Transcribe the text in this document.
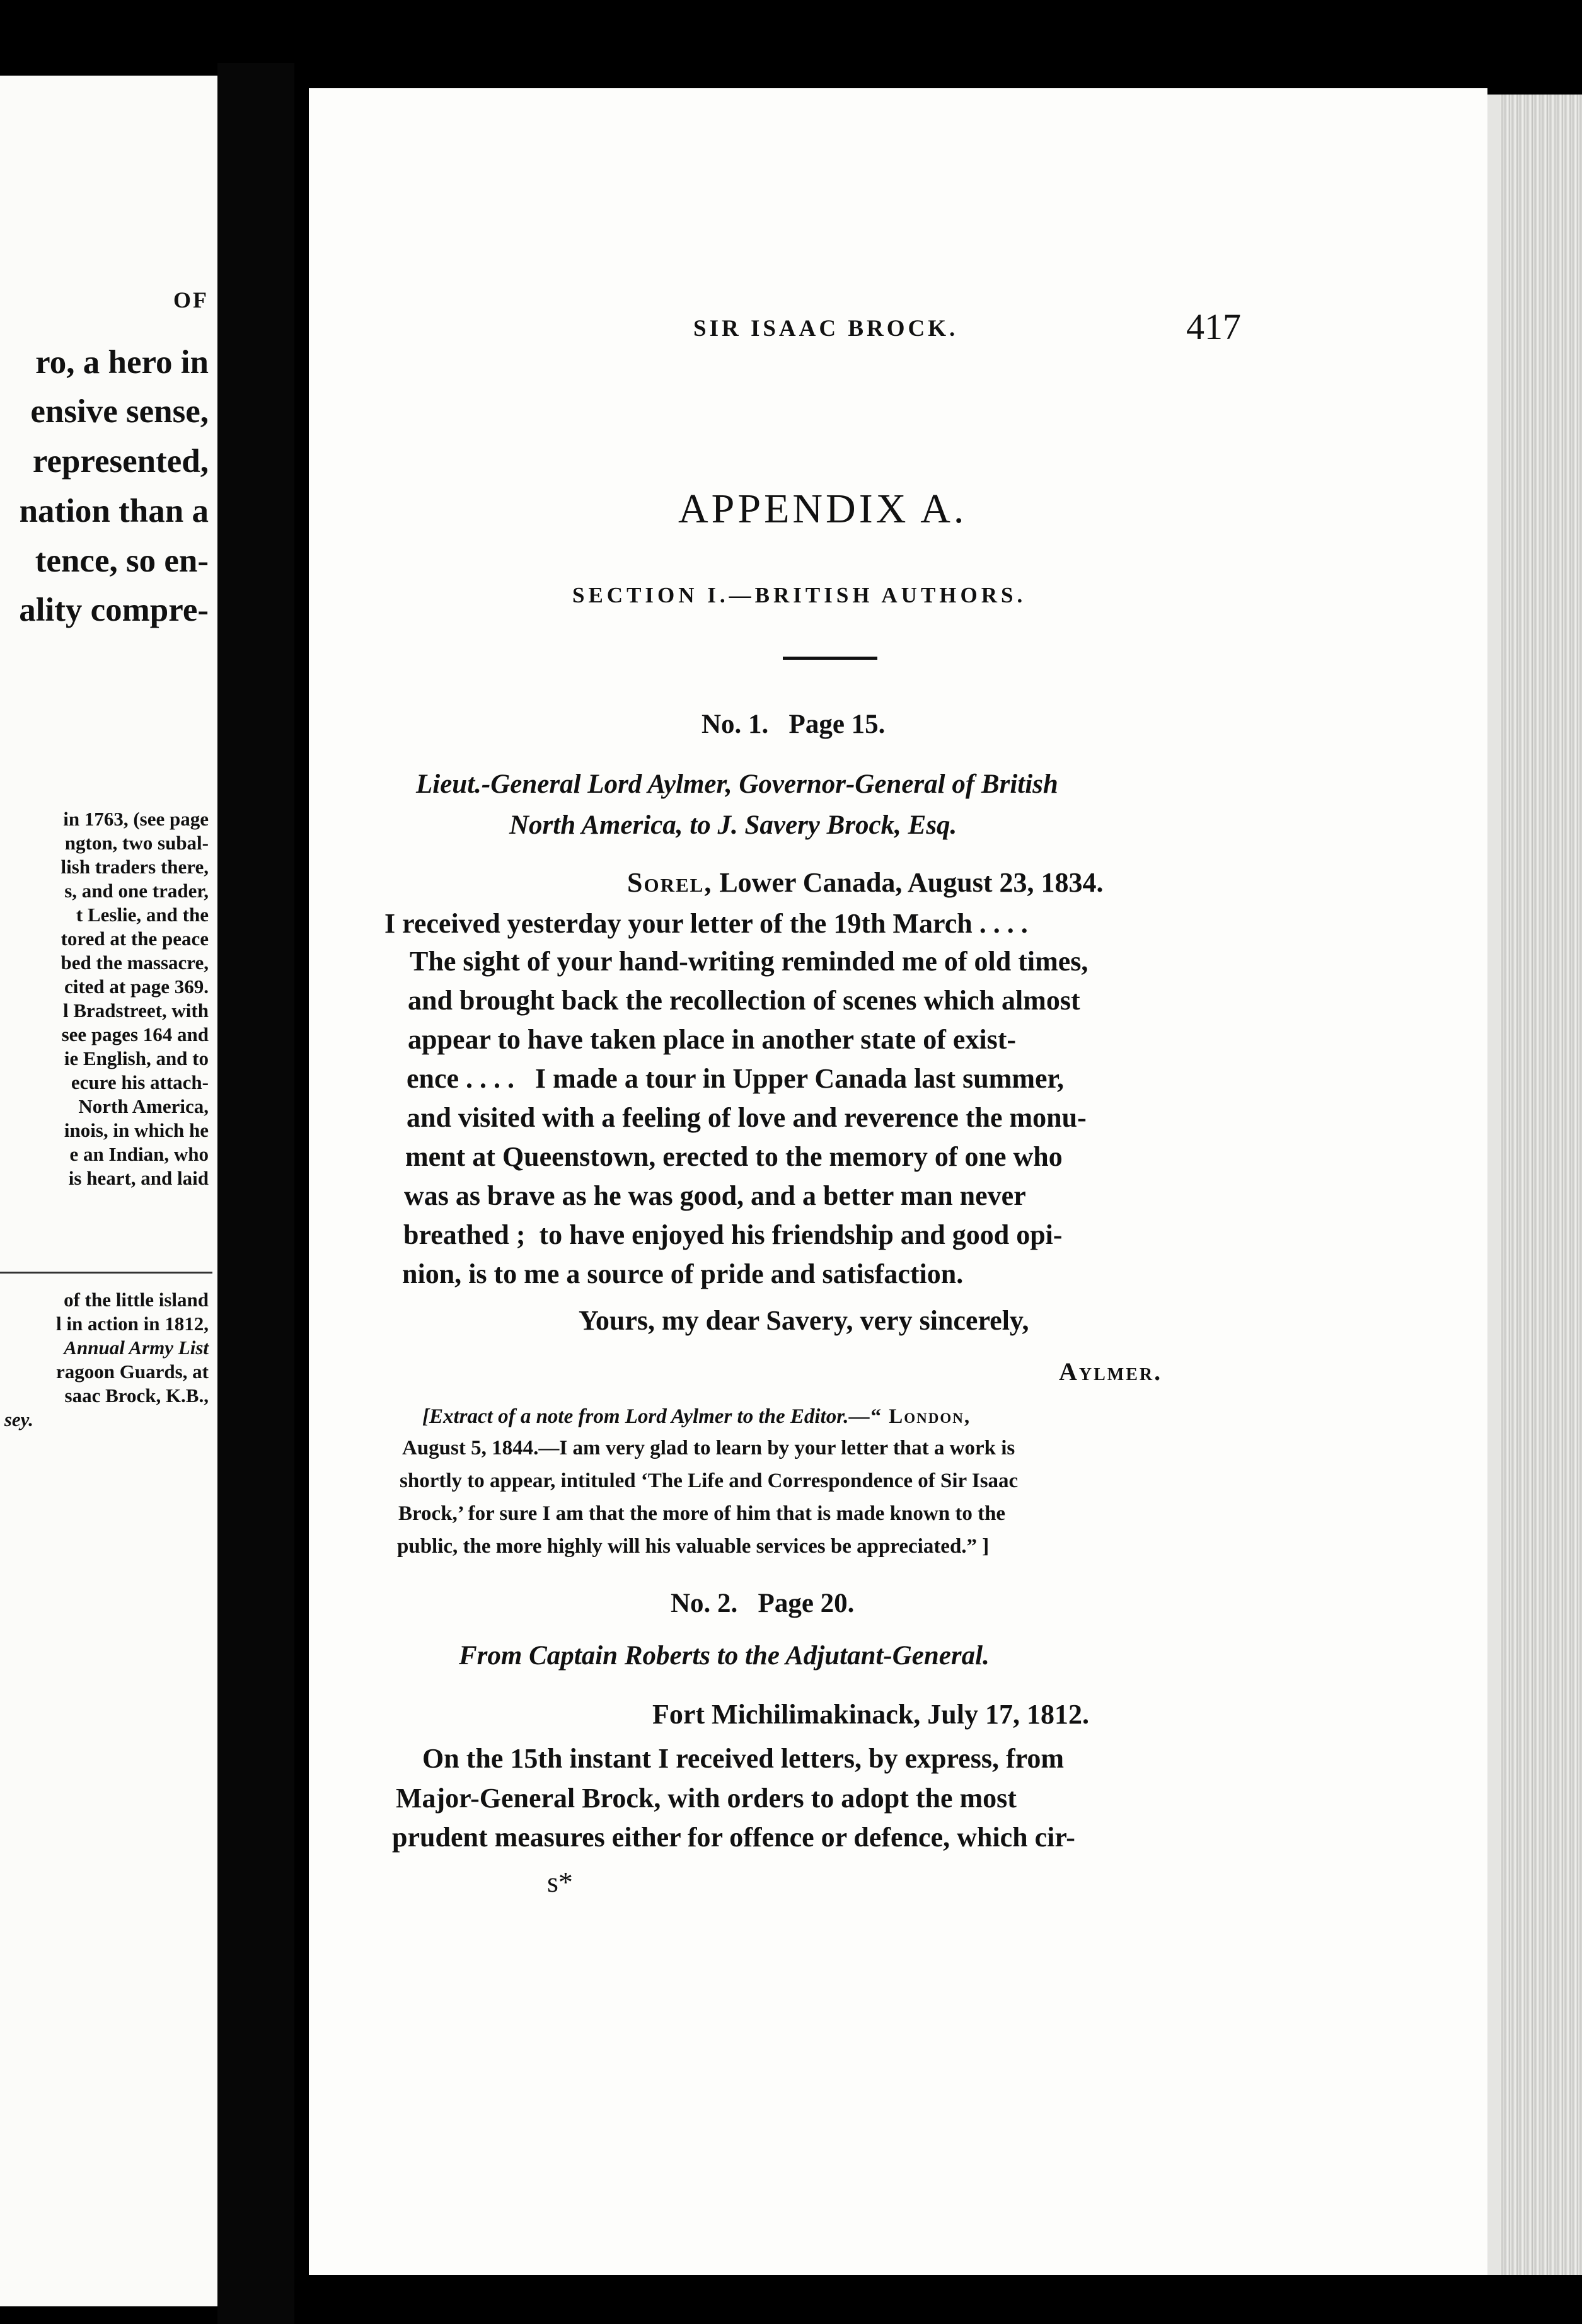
OF
ro, a hero in
ensive sense,
represented,
nation than a
tence, so en-
ality compre-
in 1763, (see page
ngton, two subal-
lish traders there,
s, and one trader,
t Leslie, and the
tored at the peace
bed the massacre,
cited at page 369.
l Bradstreet, with
see pages 164 and
ie English, and to
ecure his attach-
North America,
inois, in which he
e an Indian, who
is heart, and laid
of the little island
l in action in 1812,
Annual Army List
ragoon Guards, at
saac Brock, K.B.,
sey.
SIR ISAAC BROCK.	417
APPENDIX A.
SECTION I.—BRITISH AUTHORS.
No. 1.   Page 15.
Lieut.-General Lord Aylmer, Governor-General of British
North America, to J. Savery Brock, Esq.
Sorel, Lower Canada, August 23, 1834.
I received yesterday your letter of the 19th March . . . .
The sight of your hand-writing reminded me of old times,
and brought back the recollection of scenes which almost
appear to have taken place in another state of exist-
ence . . . .   I made a tour in Upper Canada last summer,
and visited with a feeling of love and reverence the monu-
ment at Queenstown, erected to the memory of one who
was as brave as he was good, and a better man never
breathed ;  to have enjoyed his friendship and good opi-
nion, is to me a source of pride and satisfaction.
Yours, my dear Savery, very sincerely,
Aylmer.
[Extract of a note from Lord Aylmer to the Editor.—“ London,
August 5, 1844.—I am very glad to learn by your letter that a work is
shortly to appear, intituled ‘The Life and Correspondence of Sir Isaac
Brock,’ for sure I am that the more of him that is made known to the
public, the more highly will his valuable services be appreciated.” ]
No. 2.   Page 20.
From Captain Roberts to the Adjutant-General.
Fort Michilimakinack, July 17, 1812.
On the 15th instant I received letters, by express, from
Major-General Brock, with orders to adopt the most
prudent measures either for offence or defence, which cir-
s*
